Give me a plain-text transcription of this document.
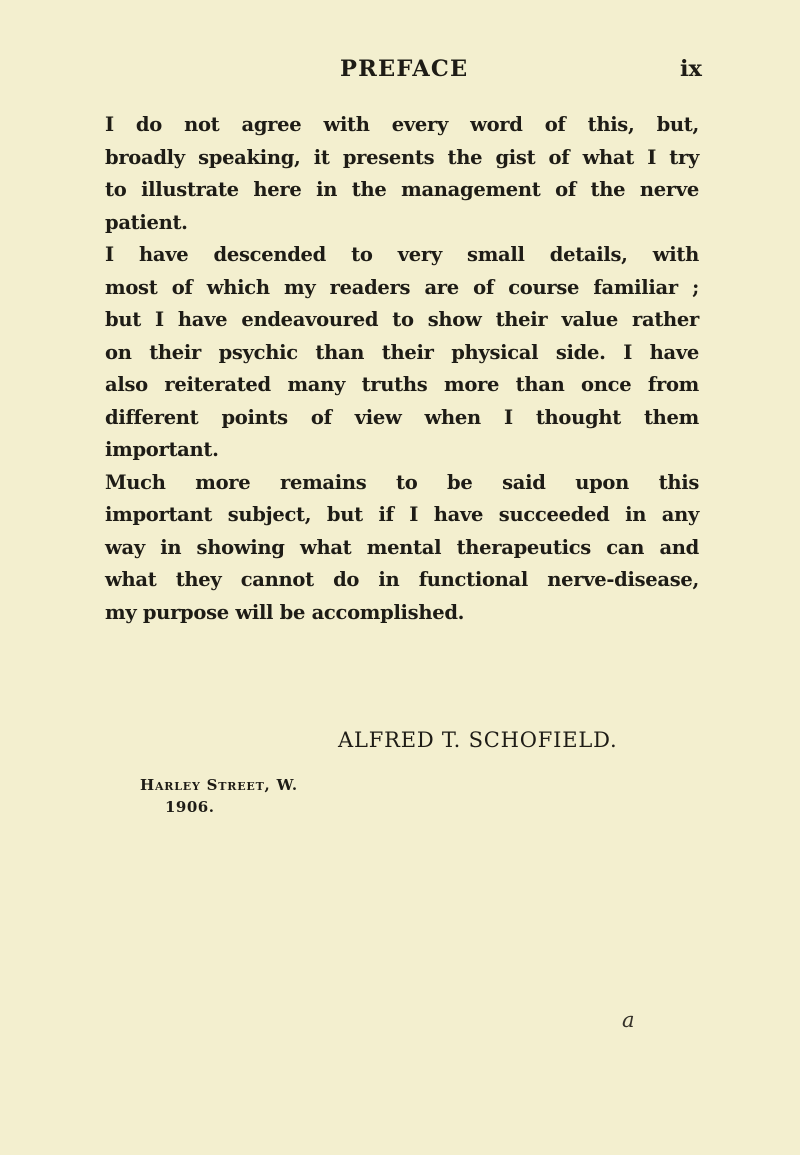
PREFACE	ix
I do not agree with every word of this, but,
broadly speaking, it presents the gist of what I try
to illustrate here in the management of the nerve
patient.
I have descended to very small details, with
most of which my readers are of course familiar ;
but I have endeavoured to show their value rather
on their psychic than their physical side. I have
also reiterated many truths more than once from
different points of view when I thought them
important.
Much more remains to be said upon this
important subject, but if I have succeeded in any
way in showing what mental therapeutics can and
what they cannot do in functional nerve-disease,
my purpose will be accomplished.
ALFRED T. SCHOFIELD.
Harley Street, W.
1906.
a
